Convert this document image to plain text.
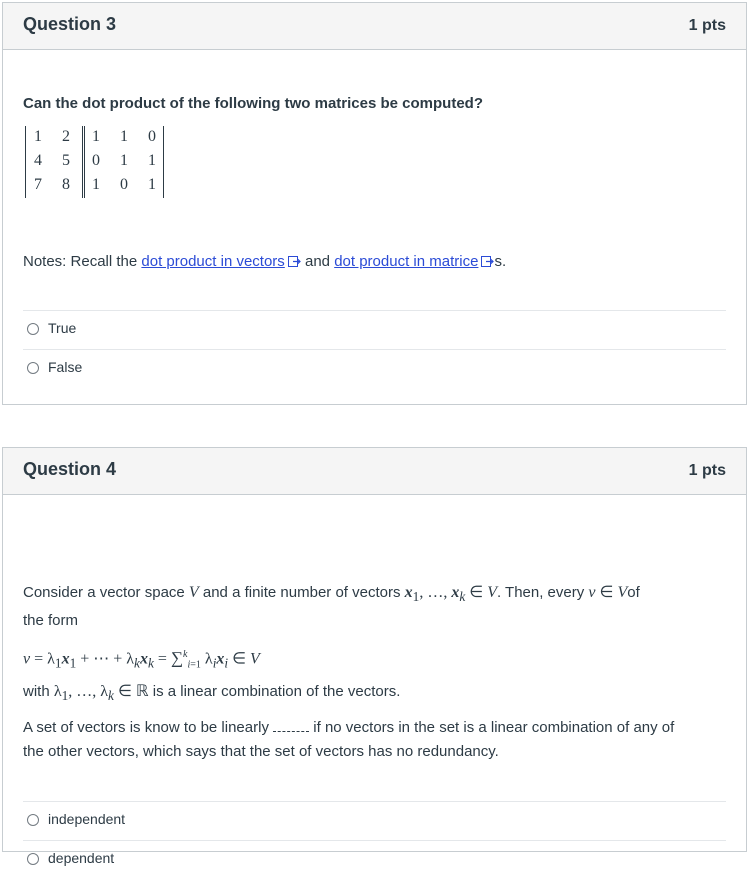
Question 3	1 pts
Can the dot product of the following two matrices be computed?
1	2
4	5
7	8
1	1	0
0	1	1
1	0	1
Notes: Recall the dot product in vectors and dot product in matrice s.
True
False
Question 4	1 pts
Consider a vector space V and a finite number of vectors $x_1$, …, $x_k$ ∈ V. Then, every v ∈ Vof
the form
$v = \lambda_1x_1$ + ⋯ + $\lambda_kx_k = \sum^k_{i=1}$ $\lambda_ix_i$ ∈ V
with $\lambda_1$, …, $\lambda_k$ ∈ ℝ is a linear combination of the vectors.
A set of vectors is know to be linearly  if no vectors in the set is a linear combination of any of
the other vectors, which says that the set of vectors has no redundancy.
independent
dependent
